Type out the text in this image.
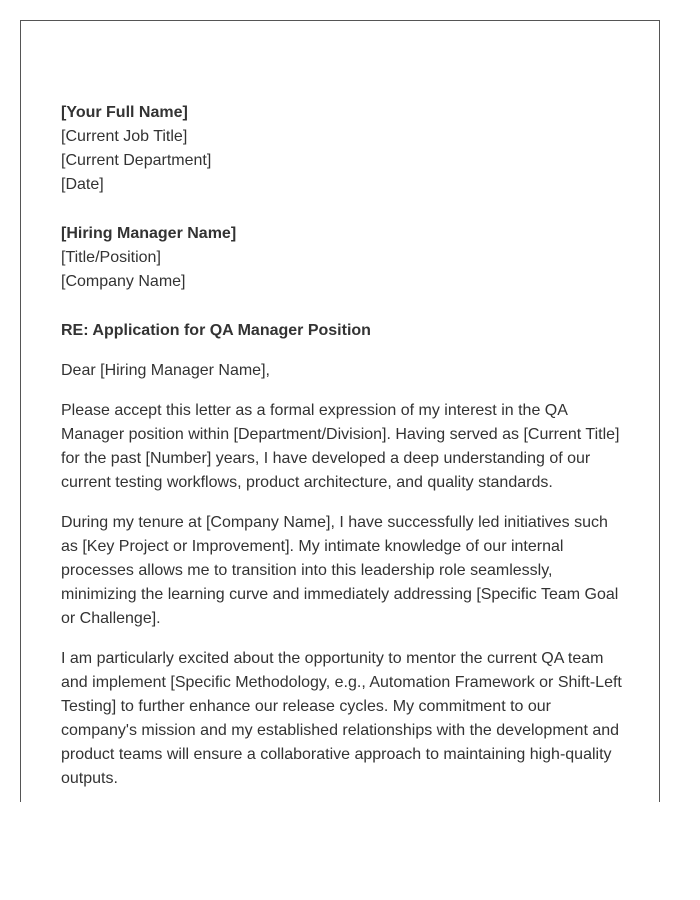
[Your Full Name]
[Current Job Title]
[Current Department]
[Date]
[Hiring Manager Name]
[Title/Position]
[Company Name]

RE: Application for QA Manager Position

Dear [Hiring Manager Name],

Please accept this letter as a formal expression of my interest in the QA Manager position within [Department/Division]. Having served as [Current Title] for the past [Number] years, I have developed a deep understanding of our current testing workflows, product architecture, and quality standards.

During my tenure at [Company Name], I have successfully led initiatives such as [Key Project or Improvement]. My intimate knowledge of our internal processes allows me to transition into this leadership role seamlessly, minimizing the learning curve and immediately addressing [Specific Team Goal or Challenge].

I am particularly excited about the opportunity to mentor the current QA team and implement [Specific Methodology, e.g., Automation Framework or Shift-Left Testing] to further enhance our release cycles. My commitment to our company's mission and my established relationships with the development and product teams will ensure a collaborative approach to maintaining high-quality outputs.
